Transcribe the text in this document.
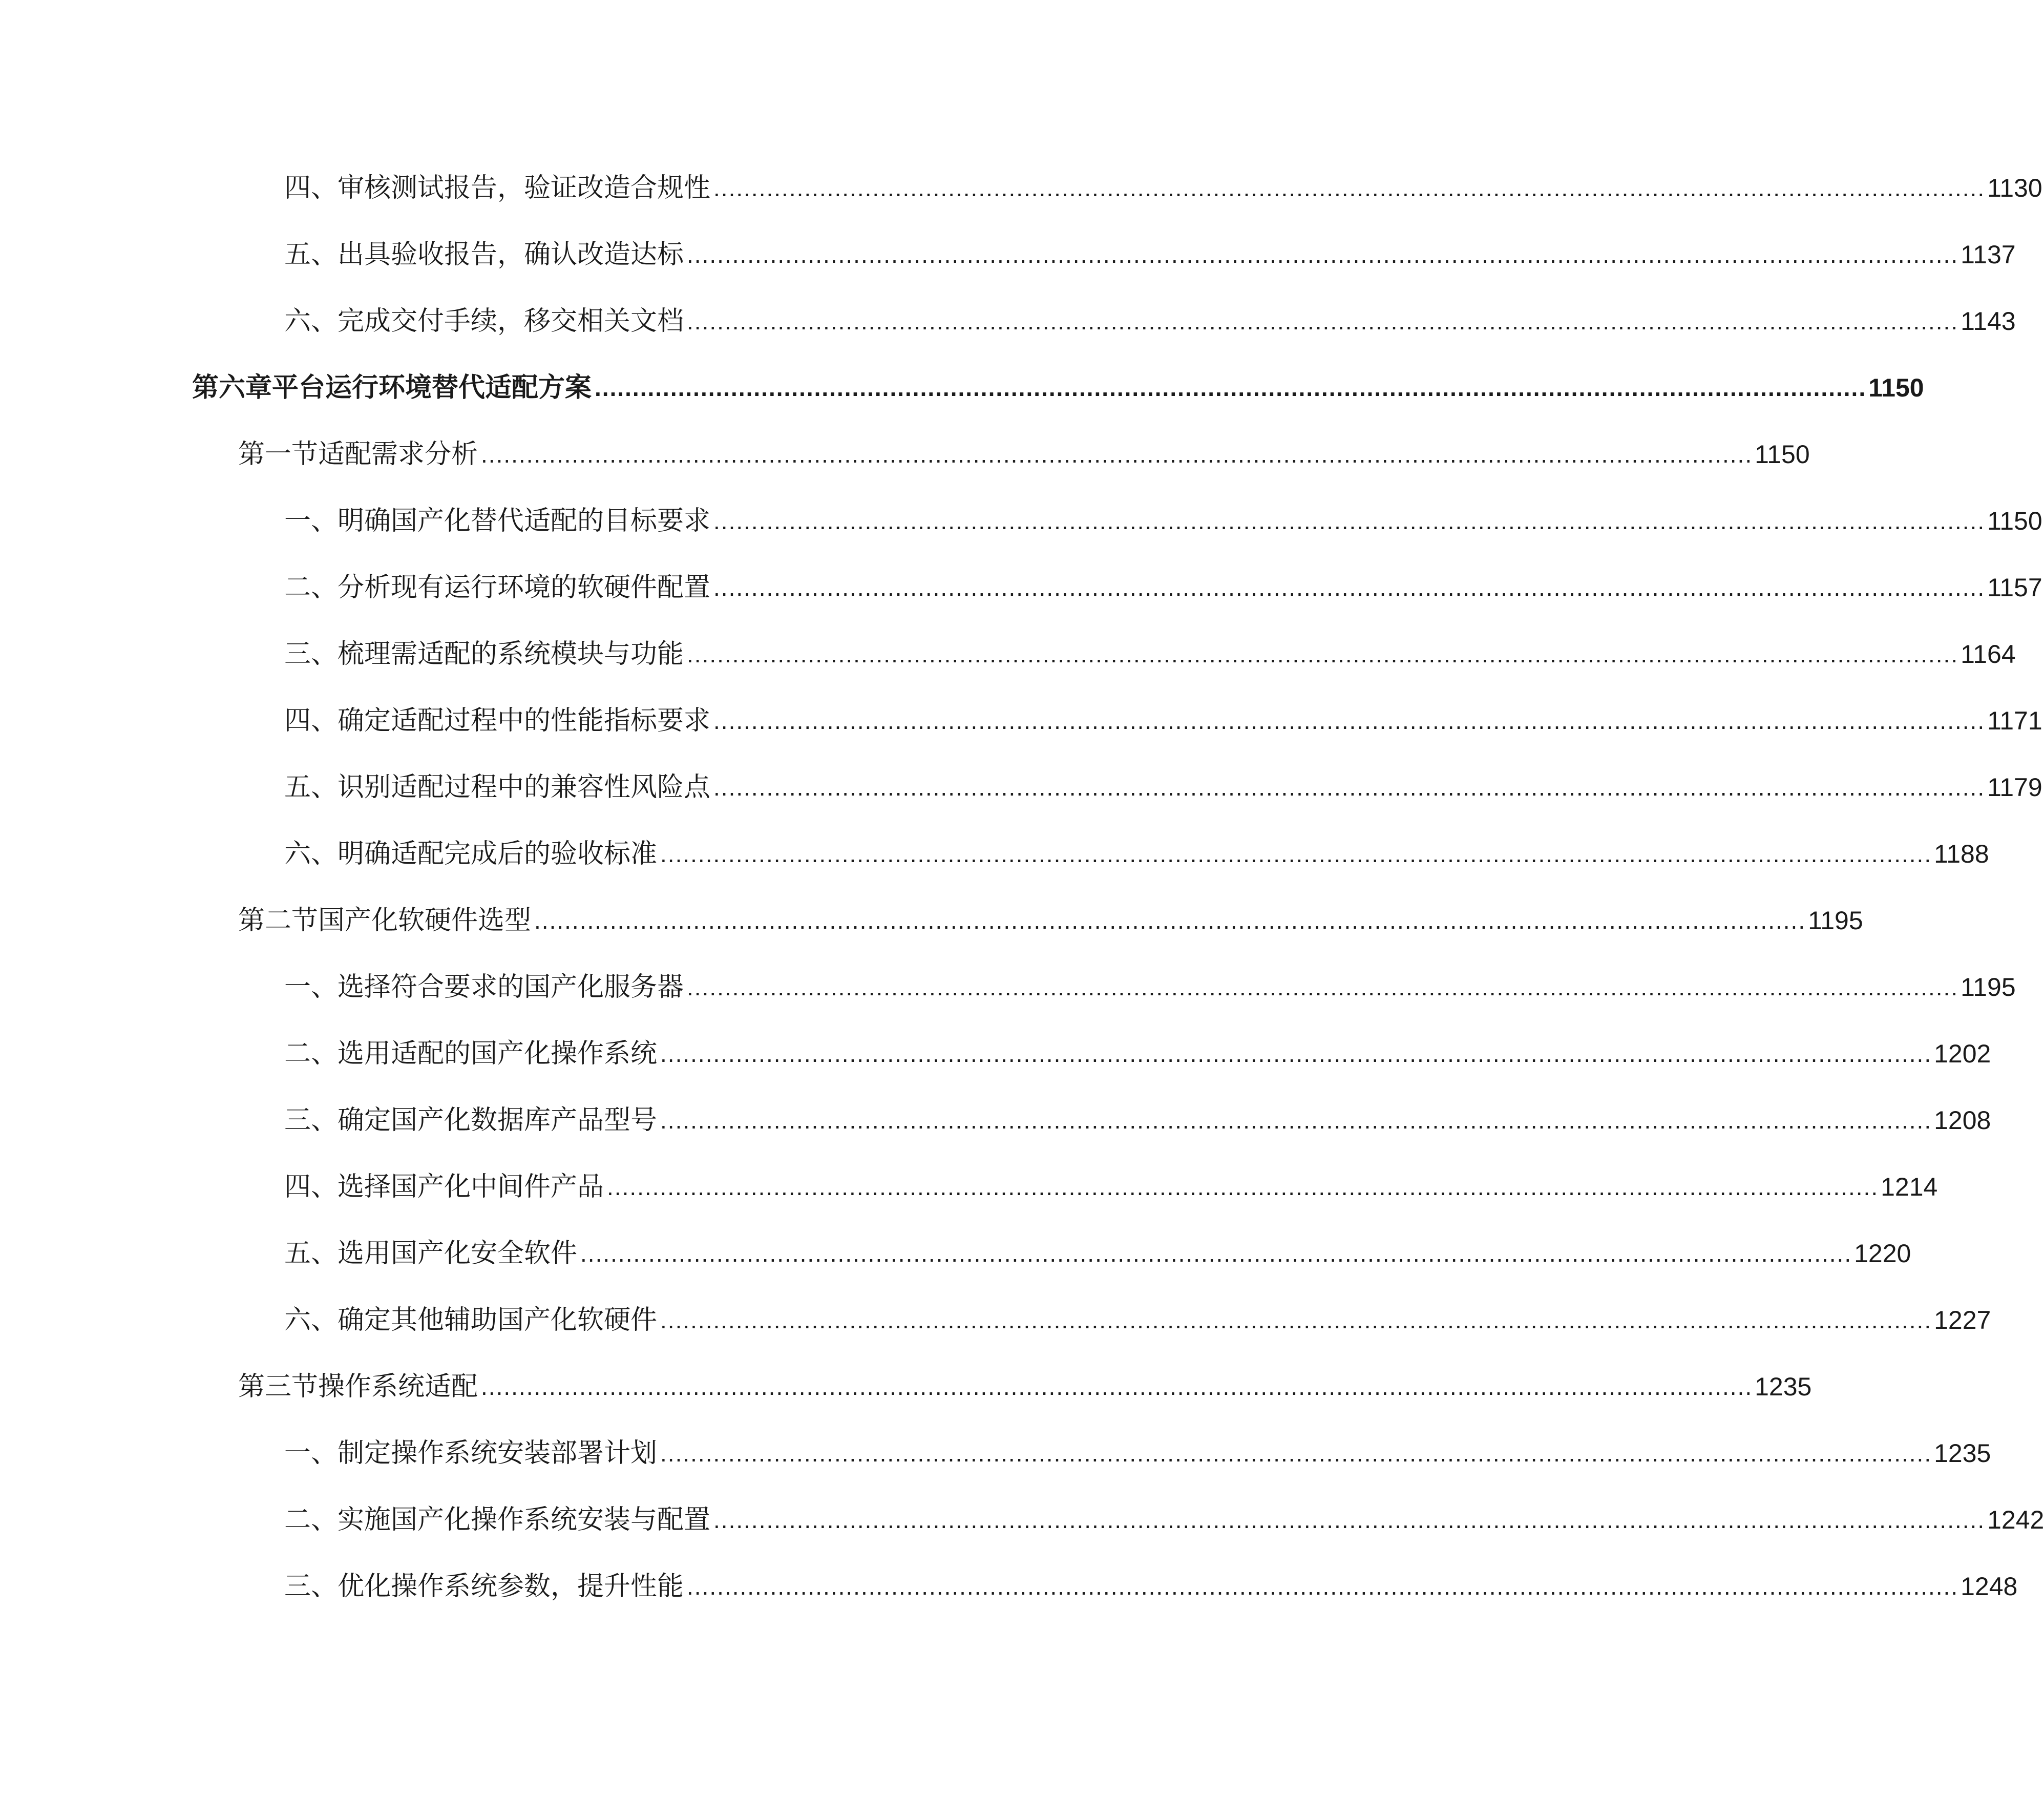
四、审核测试报告，验证改造合规性 ........................................................................................................................................................................ 1130
五、出具验收报告，确认改造达标 ........................................................................................................................................................................ 1137
六、完成交付手续，移交相关文档 ........................................................................................................................................................................ 1143
第六章平台运行环境替代适配方案 ........................................................................................................................................................................ 1150
第一节适配需求分析 ........................................................................................................................................................................ 1150
一、明确国产化替代适配的目标要求 ........................................................................................................................................................................ 1150
二、分析现有运行环境的软硬件配置 ........................................................................................................................................................................ 1157
三、梳理需适配的系统模块与功能 ........................................................................................................................................................................ 1164
四、确定适配过程中的性能指标要求 ........................................................................................................................................................................ 1171
五、识别适配过程中的兼容性风险点 ........................................................................................................................................................................ 1179
六、明确适配完成后的验收标准 ........................................................................................................................................................................ 1188
第二节国产化软硬件选型 ........................................................................................................................................................................ 1195
一、选择符合要求的国产化服务器 ........................................................................................................................................................................ 1195
二、选用适配的国产化操作系统 ........................................................................................................................................................................ 1202
三、确定国产化数据库产品型号 ........................................................................................................................................................................ 1208
四、选择国产化中间件产品 ........................................................................................................................................................................ 1214
五、选用国产化安全软件 ........................................................................................................................................................................ 1220
六、确定其他辅助国产化软硬件 ........................................................................................................................................................................ 1227
第三节操作系统适配 ........................................................................................................................................................................ 1235
一、制定操作系统安装部署计划 ........................................................................................................................................................................ 1235
二、实施国产化操作系统安装与配置 ........................................................................................................................................................................ 1242
三、优化操作系统参数，提升性能 ........................................................................................................................................................................ 1248
